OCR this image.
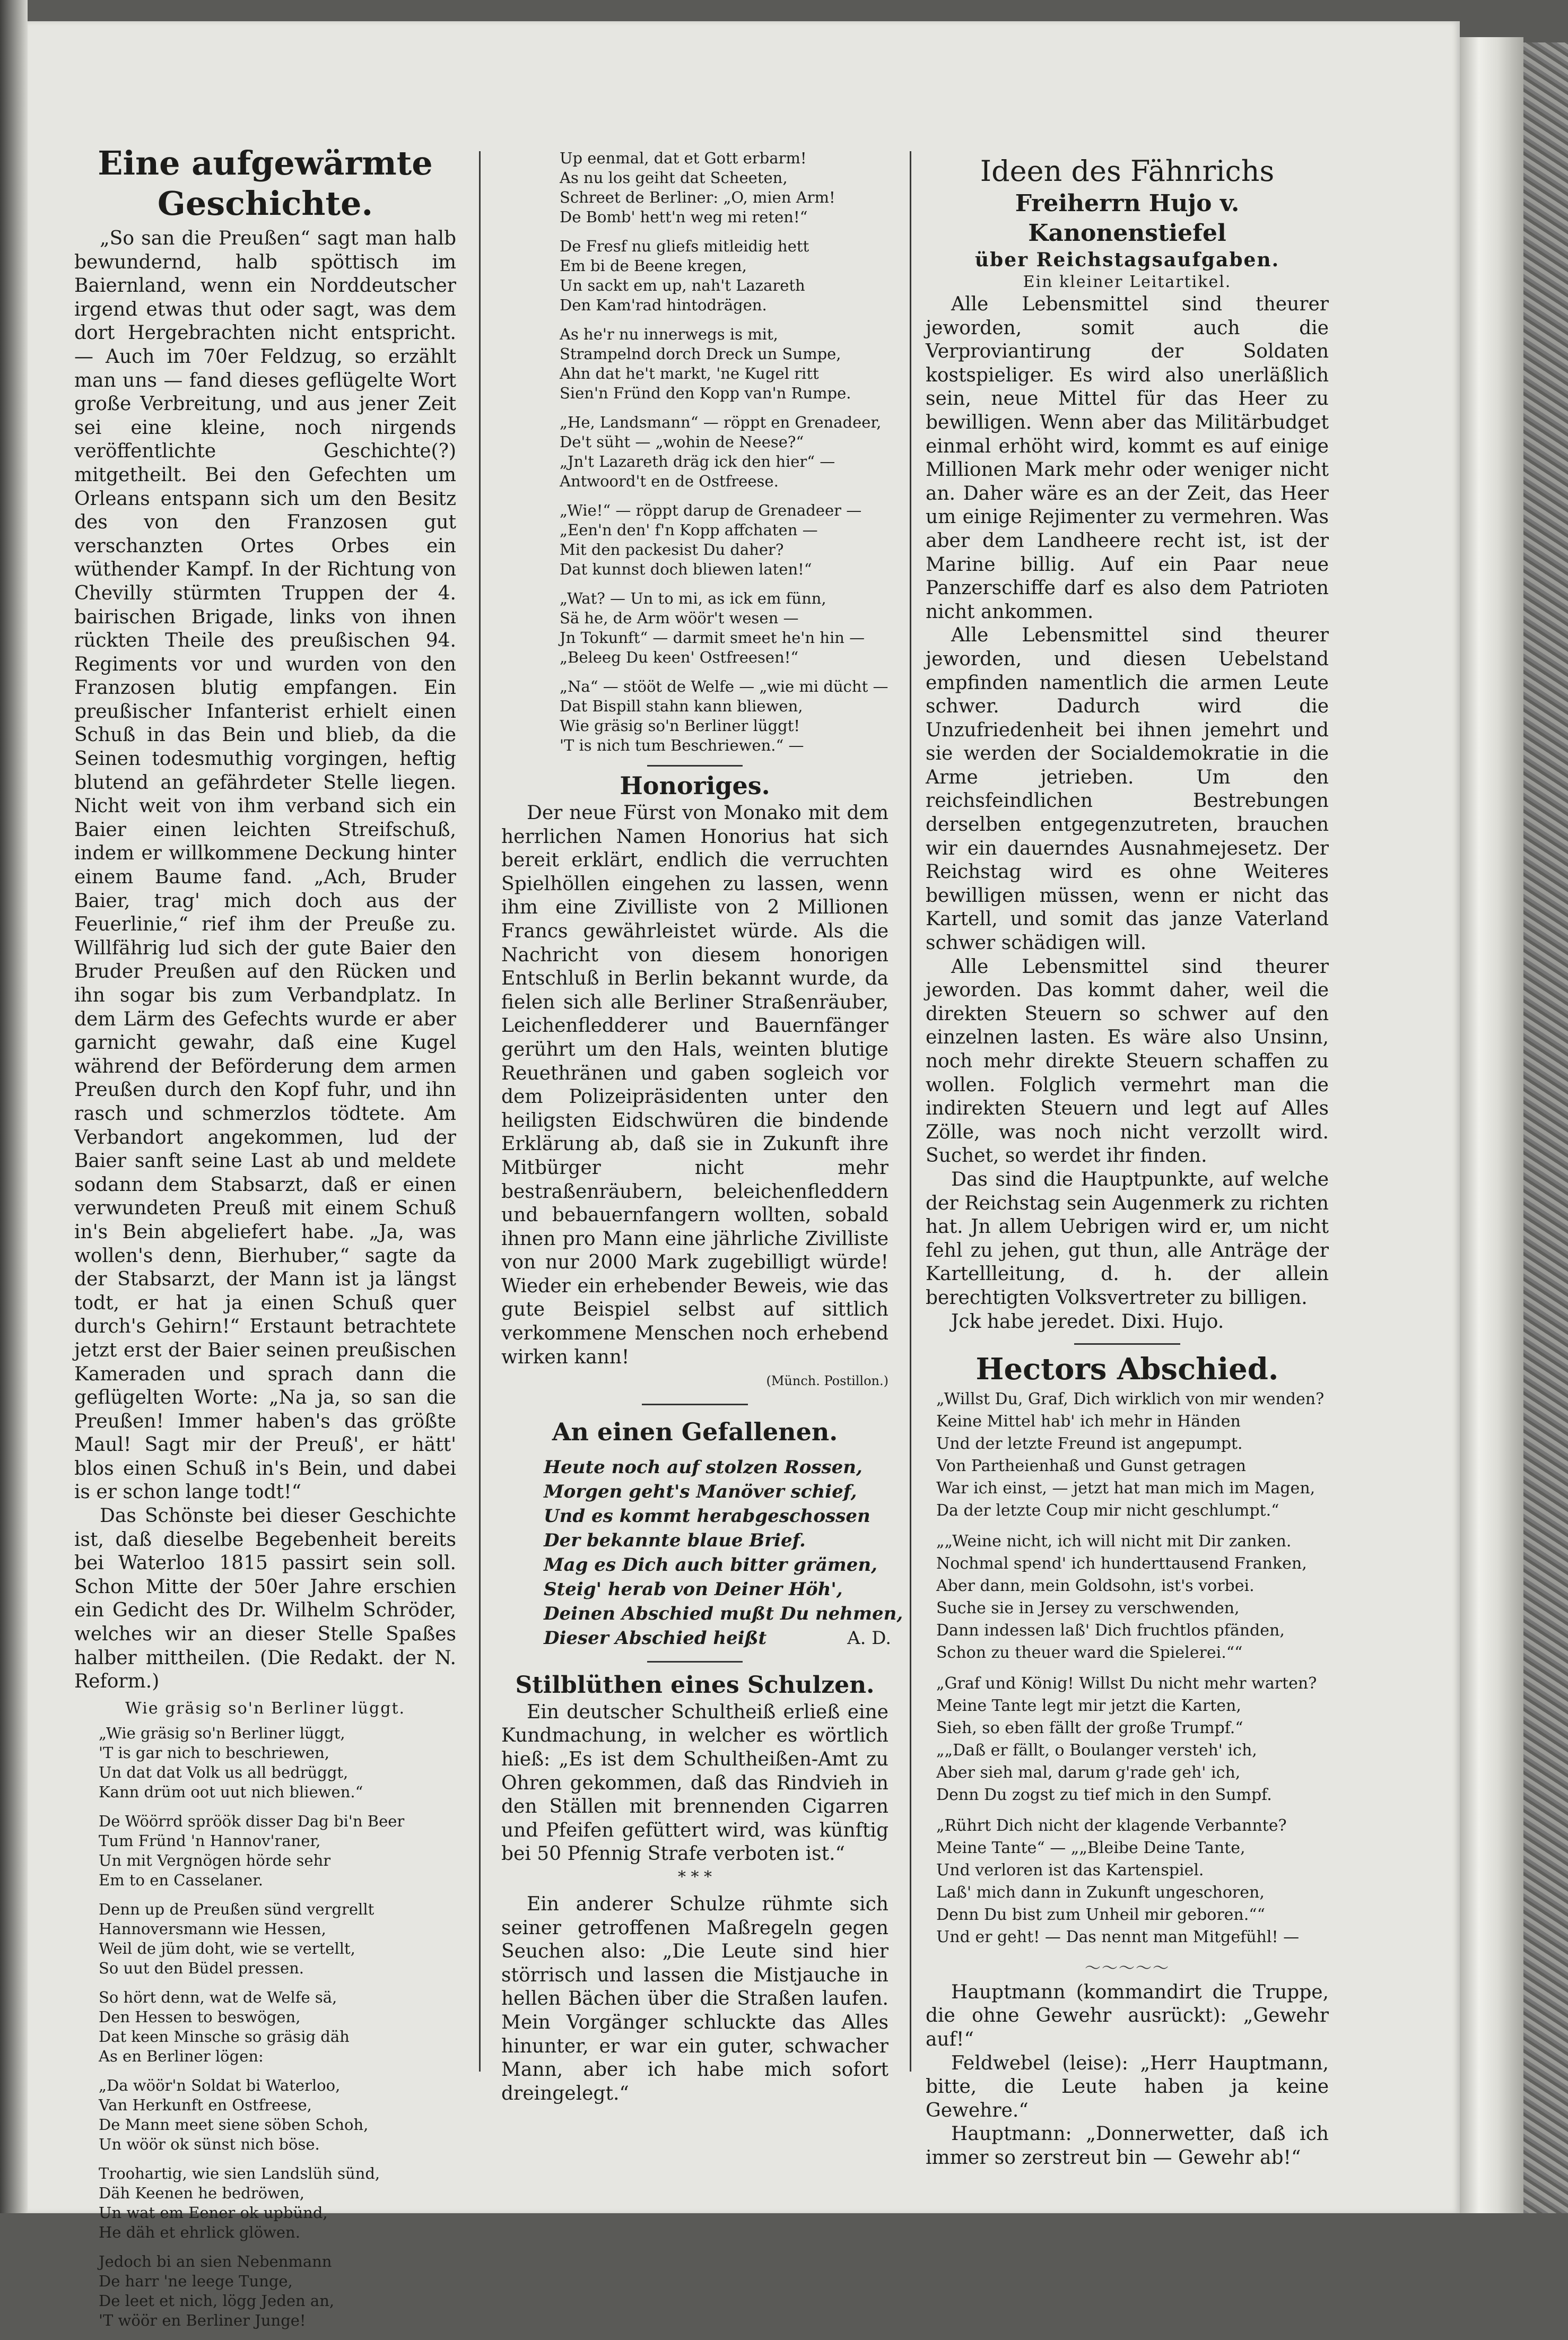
Eine aufgewärmte Geschichte.

„So san die Preußen“ sagt man halb bewundernd, halb spöttisch im Baiernland, wenn ein Norddeutscher irgend etwas thut oder sagt, was dem dort Hergebrachten nicht entspricht. — Auch im 70er Feldzug, so erzählt man uns — fand dieses geflügelte Wort große Verbreitung, und aus jener Zeit sei eine kleine, noch nirgends veröffentlichte Geschichte(?) mitgetheilt. Bei den Gefechten um Orleans entspann sich um den Besitz des von den Franzosen gut verschanzten Ortes Orbes ein wüthender Kampf. In der Richtung von Chevilly stürmten Truppen der 4. bairischen Brigade, links von ihnen rückten Theile des preußischen 94. Regiments vor und wurden von den Franzosen blutig empfangen. Ein preußischer Infanterist erhielt einen Schuß in das Bein und blieb, da die Seinen todesmuthig vorgingen, heftig blutend an gefährdeter Stelle liegen. Nicht weit von ihm verband sich ein Baier einen leichten Streifschuß, indem er willkommene Deckung hinter einem Baume fand. „Ach, Bruder Baier, trag' mich doch aus der Feuerlinie,“ rief ihm der Preuße zu. Willfährig lud sich der gute Baier den Bruder Preußen auf den Rücken und ihn sogar bis zum Verbandplatz. In dem Lärm des Gefechts wurde er aber garnicht gewahr, daß eine Kugel während der Beförderung dem armen Preußen durch den Kopf fuhr, und ihn rasch und schmerzlos tödtete. Am Verbandort angekommen, lud der Baier sanft seine Last ab und meldete sodann dem Stabsarzt, daß er einen verwundeten Preuß mit einem Schuß in's Bein abgeliefert habe. „Ja, was wollen's denn, Bierhuber,“ sagte da der Stabsarzt, der Mann ist ja längst todt, er hat ja einen Schuß quer durch's Gehirn!“ Erstaunt betrachtete jetzt erst der Baier seinen preußischen Kameraden und sprach dann die geflügelten Worte: „Na ja, so san die Preußen! Immer haben's das größte Maul! Sagt mir der Preuß', er hätt' blos einen Schuß in's Bein, und dabei is er schon lange todt!“

Das Schönste bei dieser Geschichte ist, daß dieselbe Begebenheit bereits bei Waterloo 1815 passirt sein soll. Schon Mitte der 50er Jahre erschien ein Gedicht des Dr. Wilhelm Schröder, welches wir an dieser Stelle Spaßes halber mittheilen. (Die Redakt. der N. Reform.)

Wie gräsig so'n Berliner lüggt.
„Wie gräsig so'n Berliner lüggt,
'T is gar nich to beschriewen,
Un dat dat Volk us all bedrüggt,
Kann drüm oot uut nich bliewen.“
De Wöörrd spröök disser Dag bi'n Beer
Tum Fründ 'n Hannov'raner,
Un mit Vergnögen hörde sehr
Em to en Casselaner.
Denn up de Preußen sünd vergrellt
Hannoversmann wie Hessen,
Weil de jüm doht, wie se vertellt,
So uut den Büdel pressen.
So hört denn, wat de Welfe sä,
Den Hessen to beswögen,
Dat keen Minsche so gräsig däh
As en Berliner lögen:
„Da wöör'n Soldat bi Waterloo,
Van Herkunft en Ostfreese,
De Mann meet siene söben Schoh,
Un wöör ok sünst nich böse.
Troohartig, wie sien Landslüh sünd,
Däh Keenen he bedröwen,
Un wat em Eener ok upbünd,
He däh et ehrlick glöwen.
Jedoch bi an sien Nebenmann
De harr 'ne leege Tunge,
De leet et nich, lögg Jeden an,
'T wöör en Berliner Junge!
Up eenmal, dat et Gott erbarm!
As nu los geiht dat Scheeten,
Schreet de Berliner: „O, mien Arm!
De Bomb' hett'n weg mi reten!“
De Fresf nu gliefs mitleidig hett
Em bi de Beene kregen,
Un sackt em up, nah't Lazareth
Den Kam'rad hintodrägen.
As he'r nu innerwegs is mit,
Strampelnd dorch Dreck un Sumpe,
Ahn dat he't markt, 'ne Kugel ritt
Sien'n Fründ den Kopp van'n Rumpe.
„He, Landsmann“ — röppt en Grenadeer,
De't süht — „wohin de Neese?“
„Jn't Lazareth dräg ick den hier“ —
Antwoord't en de Ostfreese.
„Wie!“ — röppt darup de Grenadeer —
„Een'n den' f'n Kopp affchaten —
Mit den packesist Du daher?
Dat kunnst doch bliewen laten!“
„Wat? — Un to mi, as ick em fünn,
Sä he, de Arm wöör't wesen —
Jn Tokunft“ — darmit smeet he'n hin —
„Beleeg Du keen' Ostfreesen!“
„Na“ — stööt de Welfe — „wie mi dücht —
Dat Bispill stahn kann bliewen,
Wie gräsig so'n Berliner lüggt!
'T is nich tum Beschriewen.“ —
Honoriges.

Der neue Fürst von Monako mit dem herrlichen Namen Honorius hat sich bereit erklärt, endlich die verruchten Spielhöllen eingehen zu lassen, wenn ihm eine Zivilliste von 2 Millionen Francs gewährleistet würde. Als die Nachricht von diesem honorigen Entschluß in Berlin bekannt wurde, da fielen sich alle Berliner Straßenräuber, Leichenfledderer und Bauernfänger gerührt um den Hals, weinten blutige Reuethränen und gaben sogleich vor dem Polizeipräsidenten unter den heiligsten Eidschwüren die bindende Erklärung ab, daß sie in Zukunft ihre Mitbürger nicht mehr bestraßenräubern, beleichenfleddern und bebauernfangern wollten, sobald ihnen pro Mann eine jährliche Zivilliste von nur 2000 Mark zugebilligt würde! Wieder ein erhebender Beweis, wie das gute Beispiel selbst auf sittlich verkommene Menschen noch erhebend wirken kann!

(Münch. Postillon.)
An einen Gefallenen.
Heute noch auf stolzen Rossen,
Morgen geht's Manöver schief,
Und es kommt herabgeschossen
Der bekannte blaue Brief.
Mag es Dich auch bitter grämen,
Steig' herab von Deiner Höh',
Deinen Abschied mußt Du nehmen,
Dieser Abschied heißt	A. D.
Stilblüthen eines Schulzen.

Ein deutscher Schultheiß erließ eine Kundmachung, in welcher es wörtlich hieß: „Es ist dem Schultheißen-Amt zu Ohren gekommen, daß das Rindvieh in den Ställen mit brennenden Cigarren und Pfeifen gefüttert wird, was künftig bei 50 Pfennig Strafe verboten ist.“

* * *

Ein anderer Schulze rühmte sich seiner getroffenen Maßregeln gegen Seuchen also: „Die Leute sind hier störrisch und lassen die Mistjauche in hellen Bächen über die Straßen laufen. Mein Vorgänger schluckte das Alles hinunter, er war ein guter, schwacher Mann, aber ich habe mich sofort dreingelegt.“

Ideen des Fähnrichs
Freiherrn Hujo v. Kanonenstiefel
über Reichstagsaufgaben.
Ein kleiner Leitartikel.

Alle Lebensmittel sind theurer jeworden, somit auch die Verproviantirung der Soldaten kostspieliger. Es wird also unerläßlich sein, neue Mittel für das Heer zu bewilligen. Wenn aber das Militärbudget einmal erhöht wird, kommt es auf einige Millionen Mark mehr oder weniger nicht an. Daher wäre es an der Zeit, das Heer um einige Rejimenter zu vermehren. Was aber dem Landheere recht ist, ist der Marine billig. Auf ein Paar neue Panzerschiffe darf es also dem Patrioten nicht ankommen.

Alle Lebensmittel sind theurer jeworden, und diesen Uebelstand empfinden namentlich die armen Leute schwer. Dadurch wird die Unzufriedenheit bei ihnen jemehrt und sie werden der Socialdemokratie in die Arme jetrieben. Um den reichsfeindlichen Bestrebungen derselben entgegenzutreten, brauchen wir ein dauerndes Ausnahmejesetz. Der Reichstag wird es ohne Weiteres bewilligen müssen, wenn er nicht das Kartell, und somit das janze Vaterland schwer schädigen will.

Alle Lebensmittel sind theurer jeworden. Das kommt daher, weil die direkten Steuern so schwer auf den einzelnen lasten. Es wäre also Unsinn, noch mehr direkte Steuern schaffen zu wollen. Folglich vermehrt man die indirekten Steuern und legt auf Alles Zölle, was noch nicht verzollt wird. Suchet, so werdet ihr finden.

Das sind die Hauptpunkte, auf welche der Reichstag sein Augenmerk zu richten hat. Jn allem Uebrigen wird er, um nicht fehl zu jehen, gut thun, alle Anträge der Kartellleitung, d. h. der allein berechtigten Volksvertreter zu billigen.

Jck habe jeredet. Dixi. Hujo.

Hectors Abschied.
„Willst Du, Graf, Dich wirklich von mir wenden?
Keine Mittel hab' ich mehr in Händen
Und der letzte Freund ist angepumpt.
Von Partheienhaß und Gunst getragen
War ich einst, — jetzt hat man mich im Magen,
Da der letzte Coup mir nicht geschlumpt.“
„„Weine nicht, ich will nicht mit Dir zanken.
Nochmal spend' ich hunderttausend Franken,
Aber dann, mein Goldsohn, ist's vorbei.
Suche sie in Jersey zu verschwenden,
Dann indessen laß' Dich fruchtlos pfänden,
Schon zu theuer ward die Spielerei.““
„Graf und König! Willst Du nicht mehr warten?
Meine Tante legt mir jetzt die Karten,
Sieh, so eben fällt der große Trumpf.“
„„Daß er fällt, o Boulanger versteh' ich,
Aber sieh mal, darum g'rade geh' ich,
Denn Du zogst zu tief mich in den Sumpf.
„Rührt Dich nicht der klagende Verbannte?
Meine Tante“ — „„Bleibe Deine Tante,
Und verloren ist das Kartenspiel.
Laß' mich dann in Zukunft ungeschoren,
Denn Du bist zum Unheil mir geboren.““
Und er geht! — Das nennt man Mitgefühl! —
〜〜〜〜〜

Hauptmann (kommandirt die Truppe, die ohne Gewehr ausrückt): „Gewehr auf!“

Feldwebel (leise): „Herr Hauptmann, bitte, die Leute haben ja keine Gewehre.“

Hauptmann: „Donnerwetter, daß ich immer so zerstreut bin — Gewehr ab!“
